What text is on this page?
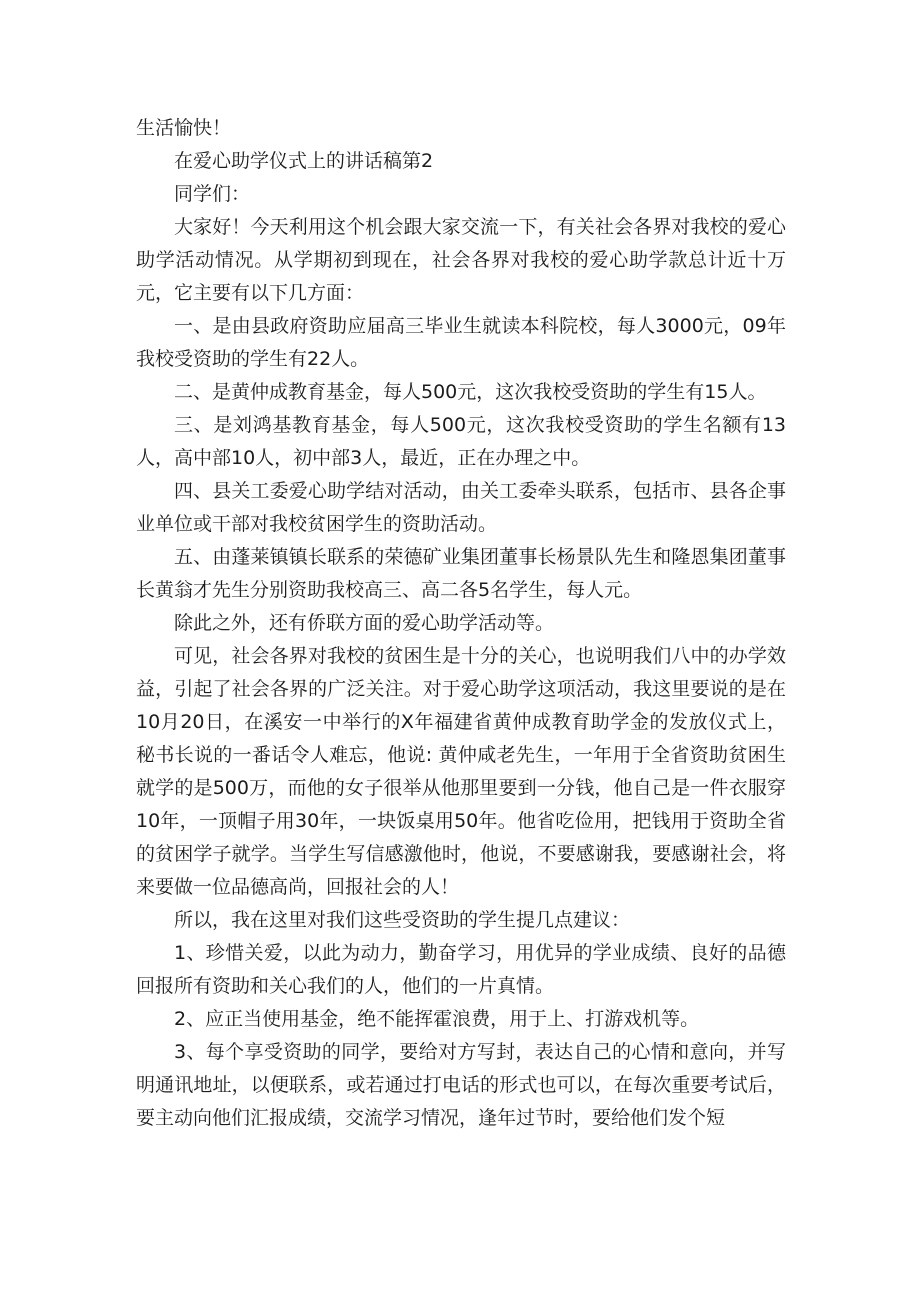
生活愉快！

在爱心助学仪式上的讲话稿第2

同学们：

大家好！今天利用这个机会跟大家交流一下，有关社会各界对我校的爱心助学活动情况。从学期初到现在，社会各界对我校的爱心助学款总计近十万元，它主要有以下几方面：

一、是由县政府资助应届高三毕业生就读本科院校，每人3000元，09年我校受资助的学生有22人。

二、是黄仲成教育基金，每人500元，这次我校受资助的学生有15人。

三、是刘鸿基教育基金，每人500元，这次我校受资助的学生名额有13人，高中部10人，初中部3人，最近，正在办理之中。

四、县关工委爱心助学结对活动，由关工委牵头联系，包括市、县各企事业单位或干部对我校贫困学生的资助活动。

五、由蓬莱镇镇长联系的荣德矿业集团董事长杨景队先生和隆恩集团董事长黄翁才先生分别资助我校高三、高二各5名学生，每人元。

除此之外，还有侨联方面的爱心助学活动等。

可见，社会各界对我校的贫困生是十分的关心，也说明我们八中的办学效益，引起了社会各界的广泛关注。对于爱心助学这项活动，我这里要说的是在10月20日，在溪安一中举行的X年福建省黄仲成教育助学金的发放仪式上，秘书长说的一番话令人难忘，他说: 黄仲咸老先生，一年用于全省资助贫困生就学的是500万，而他的女子很举从他那里要到一分钱，他自己是一件衣服穿10年，一顶帽子用30年，一块饭桌用50年。他省吃俭用，把钱用于资助全省的贫困学子就学。当学生写信感激他时，他说，不要感谢我，要感谢社会，将来要做一位品德高尚，回报社会的人！

所以，我在这里对我们这些受资助的学生提几点建议：

1、珍惜关爱，以此为动力，勤奋学习，用优异的学业成绩、良好的品德回报所有资助和关心我们的人，他们的一片真情。

2、应正当使用基金，绝不能挥霍浪费，用于上、打游戏机等。

3、每个享受资助的同学，要给对方写封，表达自己的心情和意向，并写明通讯地址，以便联系，或若通过打电话的形式也可以，在每次重要考试后，要主动向他们汇报成绩，交流学习情况，逢年过节时，要给他们发个短
